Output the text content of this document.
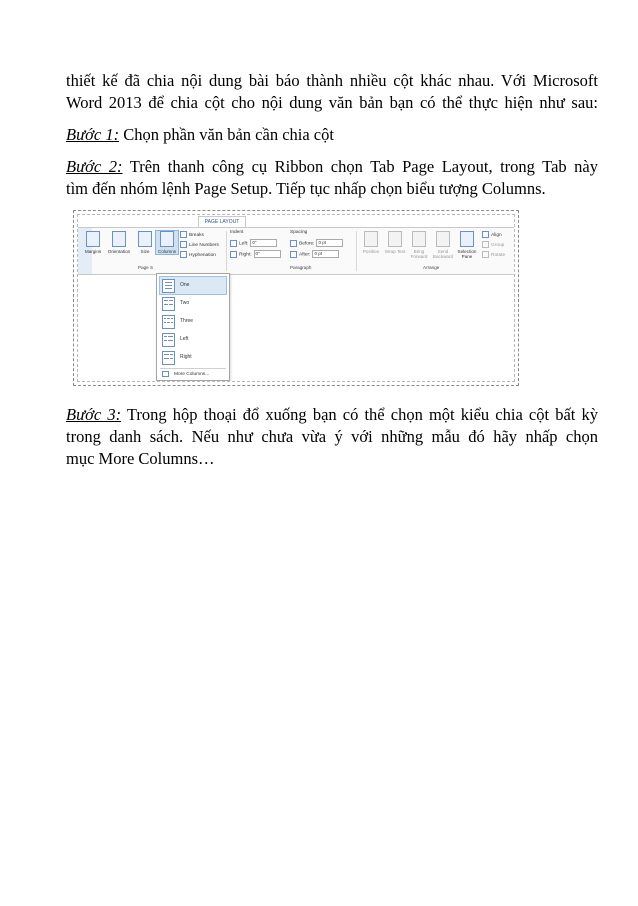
thiết kế đã chia nội dung bài báo thành nhiều cột khác nhau. Với Microsoft
Word 2013 để chia cột cho nội dung văn bản bạn có thể thực hiện như sau:
Bước 1: Chọn phần văn bản cần chia cột
Bước 2: Trên thanh công cụ Ribbon chọn Tab Page Layout, trong Tab này
tìm đến nhóm lệnh Page Setup. Tiếp tục nhấp chọn biểu tượng Columns.
PAGE LAYOUT
Margins	Orientation	Size	Columns
Breaks
Line Numbers
Hyphenation
Page S
Indent
Left: 0"
Right: 0"
Spacing
Before: 0 pt
After: 0 pt
Paragraph
Position	Wrap Text	Bring Forward
Send Backward
Selection Pane
Align
Group
Rotate
Arrange
One
Two
Three
Left
Right
More Columns...
Bước 3: Trong hộp thoại đổ xuống bạn có thể chọn một kiểu chia cột bất kỳ
trong danh sách. Nếu như chưa vừa ý với những mẫu đó hãy nhấp chọn
mục More Columns…
